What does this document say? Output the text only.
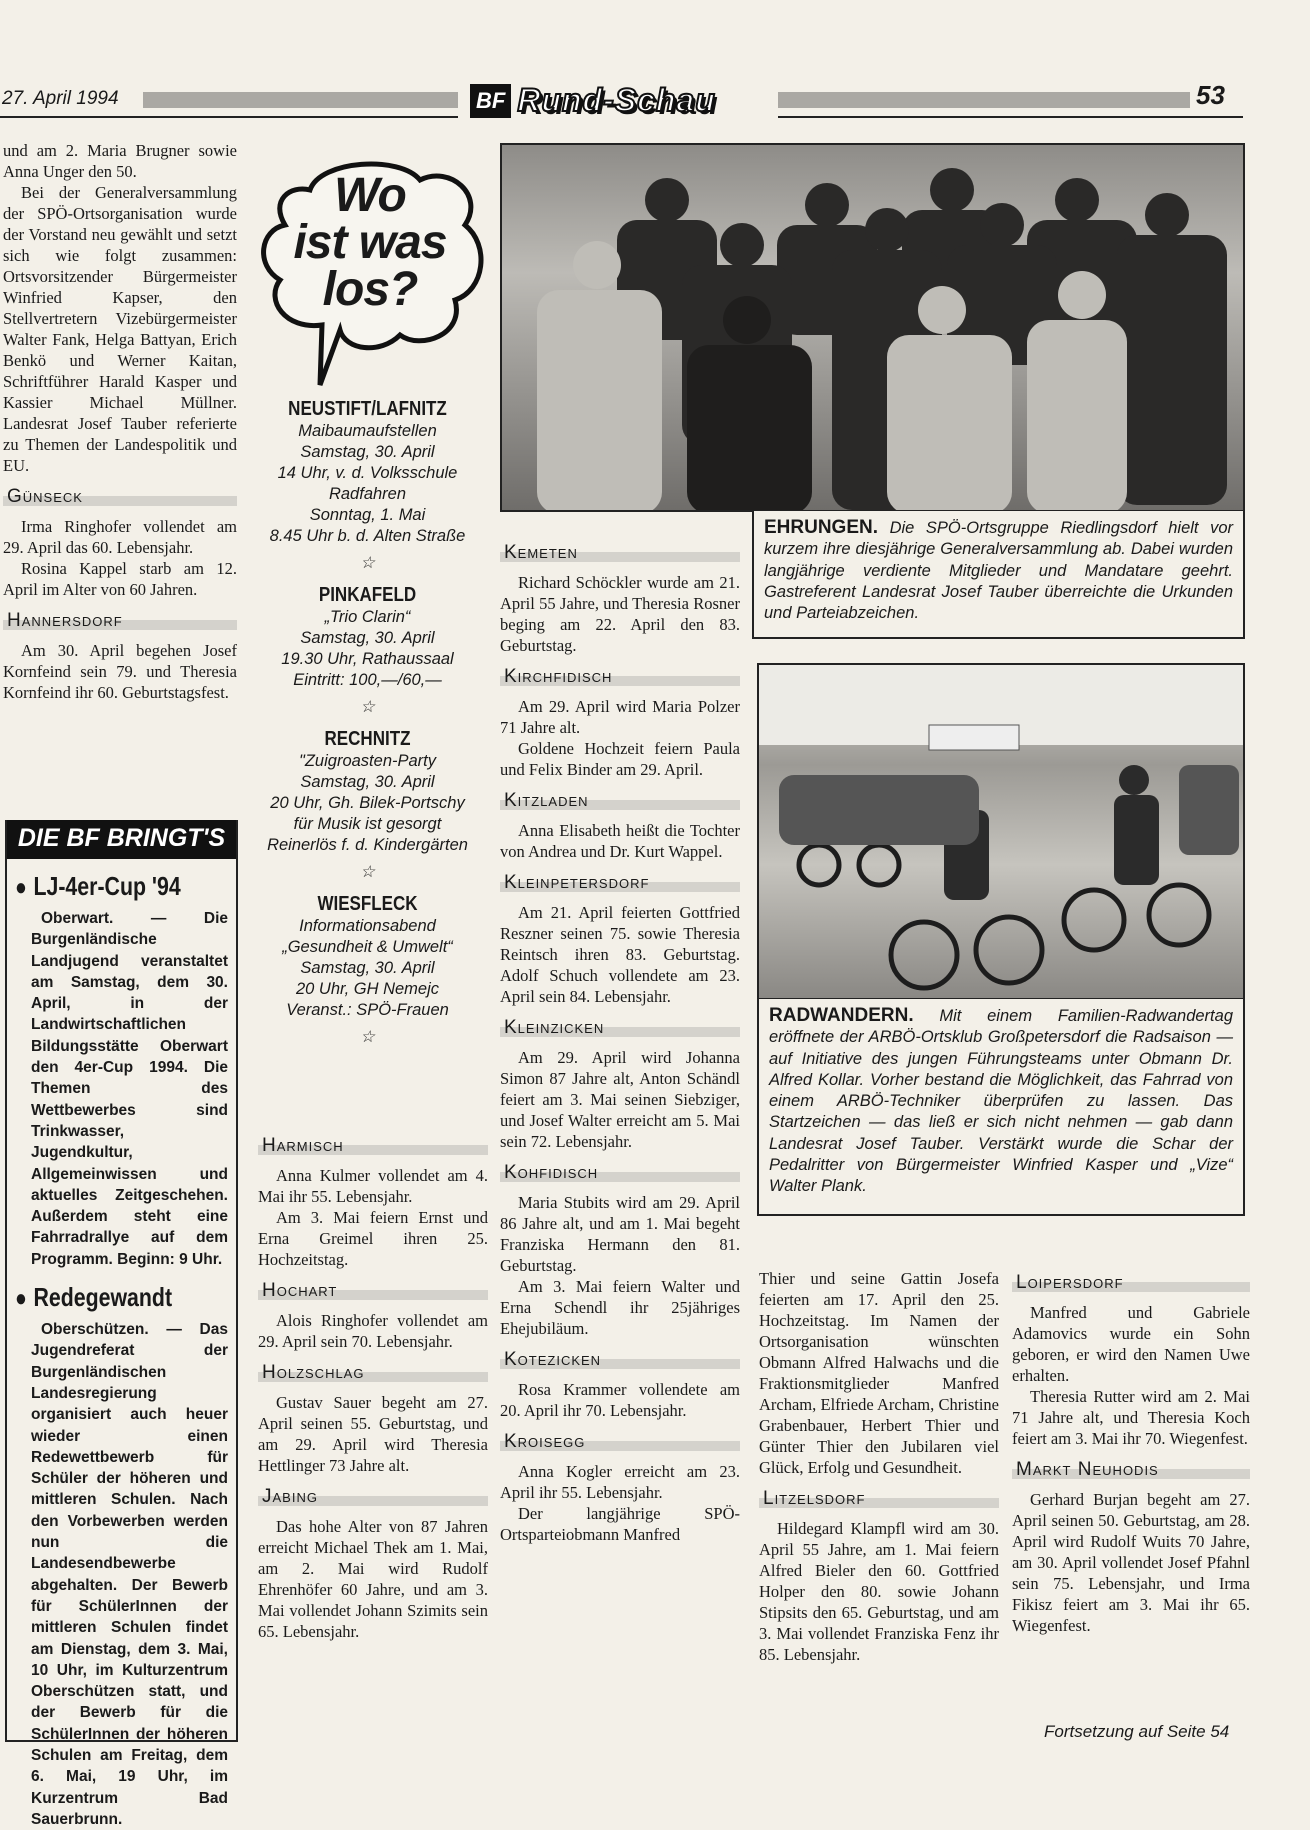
27. April 1994	BF Rund-Schau	53

und am 2. Maria Brugner sowie Anna Unger den 50.

Bei der Generalversammlung der SPÖ-Ortsorganisation wurde der Vorstand neu gewählt und setzt sich wie folgt zusammen: Ortsvorsitzender Bürgermeister Winfried Kapser, den Stellvertretern Vizebürgermeister Walter Fank, Helga Battyan, Erich Benkö und Werner Kaitan, Schriftführer Harald Kasper und Kassier Michael Müllner. Landesrat Josef Tauber referierte zu Themen der Landespolitik und EU.

Günseck

Irma Ringhofer vollendet am 29. April das 60. Lebensjahr.

Rosina Kappel starb am 12. April im Alter von 60 Jahren.

Hannersdorf

Am 30. April begehen Josef Kornfeind sein 79. und Theresia Kornfeind ihr 60. Geburtstagsfest.

DIE BF BRINGT'S
● LJ-4er-Cup '94

Oberwart. — Die Burgenländische Landjugend veranstaltet am Samstag, dem 30. April, in der Landwirtschaftlichen Bildungsstätte Oberwart den 4er-Cup 1994. Die Themen des Wettbewerbes sind Trinkwasser, Jugendkultur, Allgemeinwissen und aktuelles Zeitgeschehen. Außerdem steht eine Fahrradrallye auf dem Programm. Beginn: 9 Uhr.

● Redegewandt

Oberschützen. — Das Jugendreferat der Burgenländischen Landesregierung organisiert auch heuer wieder einen Redewettbewerb für Schüler der höheren und mittleren Schulen. Nach den Vorbewerben werden nun die Landesendbewerbe abgehalten. Der Bewerb für SchülerInnen der mittleren Schulen findet am Dienstag, dem 3. Mai, 10 Uhr, im Kulturzentrum Oberschützen statt, und der Bewerb für die SchülerInnen der höheren Schulen am Freitag, dem 6. Mai, 19 Uhr, im Kurzentrum Bad Sauerbrunn.

Wo
ist was
los?
NEUSTIFT/LAFNITZ
Maibaumaufstellen
Samstag, 30. April
14 Uhr, v. d. Volksschule
Radfahren
Sonntag, 1. Mai
8.45 Uhr b. d. Alten Straße
☆
PINKAFELD
„Trio Clarin“
Samstag, 30. April
19.30 Uhr, Rathaussaal
Eintritt: 100,—/60,—
☆
RECHNITZ
"Zuigroasten-Party
Samstag, 30. April
20 Uhr, Gh. Bilek-Portschy
für Musik ist gesorgt
Reinerlös f. d. Kindergärten
☆
WIESFLECK
Informationsabend
„Gesundheit & Umwelt“
Samstag, 30. April
20 Uhr, GH Nemejc
Veranst.: SPÖ-Frauen
☆
Harmisch

Anna Kulmer vollendet am 4. Mai ihr 55. Lebensjahr.

Am 3. Mai feiern Ernst und Erna Greimel ihren 25. Hochzeitstag.

Hochart

Alois Ringhofer vollendet am 29. April sein 70. Lebensjahr.

Holzschlag

Gustav Sauer begeht am 27. April seinen 55. Geburtstag, und am 29. April wird Theresia Hettlinger 73 Jahre alt.

Jabing

Das hohe Alter von 87 Jahren erreicht Michael Thek am 1. Mai, am 2. Mai wird Rudolf Ehrenhöfer 60 Jahre, und am 3. Mai vollendet Johann Szimits sein 65. Lebensjahr.

Kemeten

Richard Schöckler wurde am 21. April 55 Jahre, und Theresia Rosner beging am 22. April den 83. Geburtstag.

Kirchfidisch

Am 29. April wird Maria Polzer 71 Jahre alt.

Goldene Hochzeit feiern Paula und Felix Binder am 29. April.

Kitzladen

Anna Elisabeth heißt die Tochter von Andrea und Dr. Kurt Wappel.

Kleinpetersdorf

Am 21. April feierten Gottfried Reszner seinen 75. sowie Theresia Reintsch ihren 83. Geburtstag. Adolf Schuch vollendete am 23. April sein 84. Lebensjahr.

Kleinzicken

Am 29. April wird Johanna Simon 87 Jahre alt, Anton Schändl feiert am 3. Mai seinen Siebziger, und Josef Walter erreicht am 5. Mai sein 72. Lebensjahr.

Kohfidisch

Maria Stubits wird am 29. April 86 Jahre alt, und am 1. Mai begeht Franziska Hermann den 81. Geburtstag.

Am 3. Mai feiern Walter und Erna Schendl ihr 25jähriges Ehejubiläum.

Kotezicken

Rosa Krammer vollendete am 20. April ihr 70. Lebensjahr.

Kroisegg

Anna Kogler erreicht am 23. April ihr 55. Lebensjahr.

Der langjährige SPÖ-Ortsparteiobmann Manfred

EHRUNGEN. Die SPÖ-Ortsgruppe Riedlingsdorf hielt vor kurzem ihre diesjährige Generalversammlung ab. Dabei wurden langjährige verdiente Mitglieder und Mandatare geehrt. Gastreferent Landesrat Josef Tauber überreichte die Urkunden und Parteiabzeichen.
RADWANDERN. Mit einem Familien-Radwandertag eröffnete der ARBÖ-Ortsklub Großpetersdorf die Radsaison — auf Initiative des jungen Führungsteams unter Obmann Dr. Alfred Kollar. Vorher bestand die Möglichkeit, das Fahrrad von einem ARBÖ-Techniker überprüfen zu lassen. Das Startzeichen — das ließ er sich nicht nehmen — gab dann Landesrat Josef Tauber. Verstärkt wurde die Schar der Pedalritter von Bürgermeister Winfried Kasper und „Vize“ Walter Plank.

Thier und seine Gattin Josefa feierten am 17. April den 25. Hochzeitstag. Im Namen der Ortsorganisation wünschten Obmann Alfred Halwachs und die Fraktionsmitglieder Manfred Archam, Elfriede Archam, Christine Grabenbauer, Herbert Thier und Günter Thier den Jubilaren viel Glück, Erfolg und Gesundheit.

Litzelsdorf

Hildegard Klampfl wird am 30. April 55 Jahre, am 1. Mai feiern Alfred Bieler den 60. Gottfried Holper den 80. sowie Johann Stipsits den 65. Geburtstag, und am 3. Mai vollendet Franziska Fenz ihr 85. Lebensjahr.

Loipersdorf

Manfred und Gabriele Adamovics wurde ein Sohn geboren, er wird den Namen Uwe erhalten.

Theresia Rutter wird am 2. Mai 71 Jahre alt, und Theresia Koch feiert am 3. Mai ihr 70. Wiegenfest.

Markt Neuhodis

Gerhard Burjan begeht am 27. April seinen 50. Geburtstag, am 28. April wird Rudolf Wuits 70 Jahre, am 30. April vollendet Josef Pfahnl sein 75. Lebensjahr, und Irma Fikisz feiert am 3. Mai ihr 65. Wiegenfest.

Fortsetzung auf Seite 54
